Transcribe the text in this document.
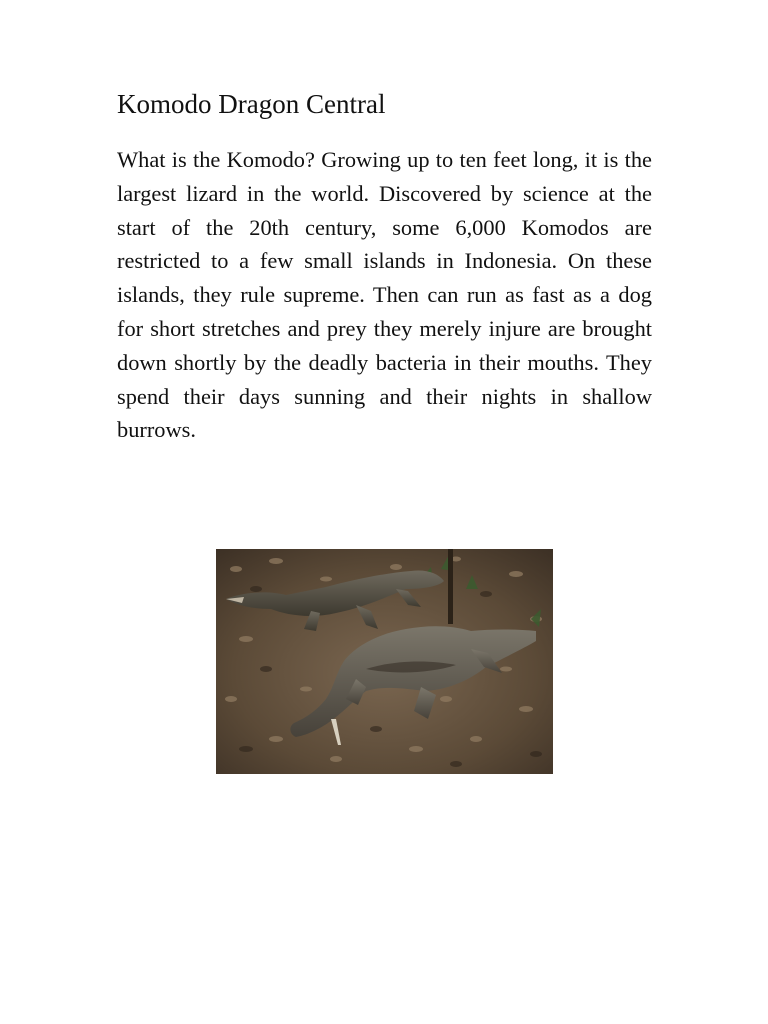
Komodo Dragon Central

What is the Komodo? Growing up to ten feet long, it is the largest lizard in the world. Discovered by science at the start of the 20th century, some 6,000 Komodos are restricted to a few small islands in Indonesia. On these islands, they rule supreme. Then can run as fast as a dog for short stretches and prey they merely injure are brought down shortly by the deadly bacteria in their mouths. They spend their days sunning and their nights in shallow burrows.
